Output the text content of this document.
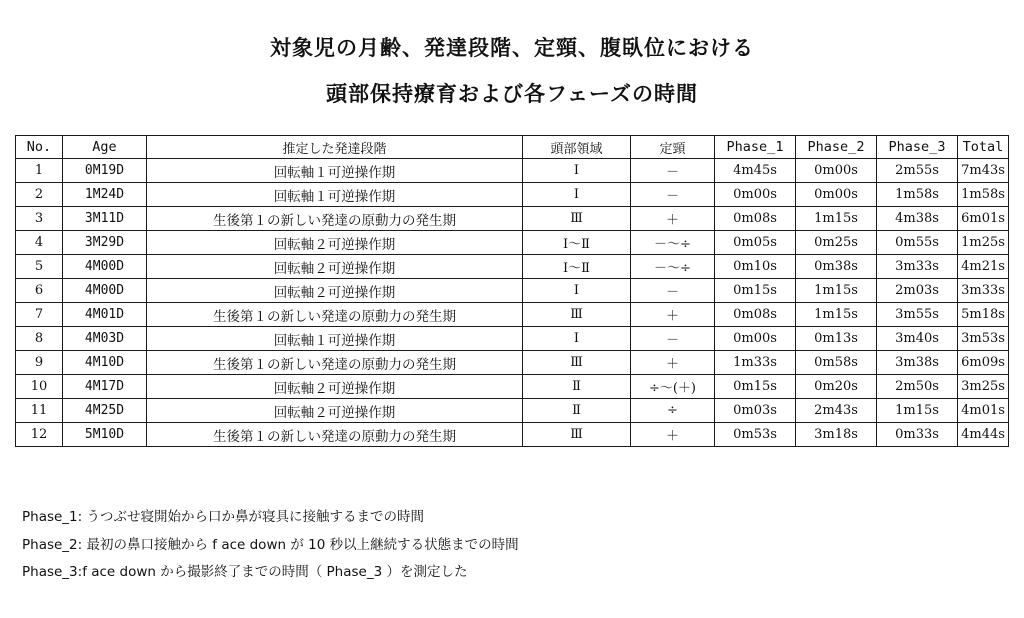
対象児の月齢、発達段階、定頸、腹臥位における
頭部保持療育および各フェーズの時間
No.	Age	推定した発達段階	頭部領域	定頸	Phase_1	Phase_2	Phase_3	Total
1	0M19D	回転軸１可逆操作期	Ⅰ	－	4m45s	0m00s	2m55s	7m43s
2	1M24D	回転軸１可逆操作期	Ⅰ	－	0m00s	0m00s	1m58s	1m58s
3	3M11D	生後第１の新しい発達の原動力の発生期	Ⅲ	＋	0m08s	1m15s	4m38s	6m01s
4	3M29D	回転軸２可逆操作期	Ⅰ～Ⅱ	－～÷	0m05s	0m25s	0m55s	1m25s
5	4M00D	回転軸２可逆操作期	Ⅰ～Ⅱ	－～÷	0m10s	0m38s	3m33s	4m21s
6	4M00D	回転軸２可逆操作期	Ⅰ	－	0m15s	1m15s	2m03s	3m33s
7	4M01D	生後第１の新しい発達の原動力の発生期	Ⅲ	＋	0m08s	1m15s	3m55s	5m18s
8	4M03D	回転軸１可逆操作期	Ⅰ	－	0m00s	0m13s	3m40s	3m53s
9	4M10D	生後第１の新しい発達の原動力の発生期	Ⅲ	＋	1m33s	0m58s	3m38s	6m09s
10	4M17D	回転軸２可逆操作期	Ⅱ	÷～(＋)	0m15s	0m20s	2m50s	3m25s
11	4M25D	回転軸２可逆操作期	Ⅱ	÷	0m03s	2m43s	1m15s	4m01s
12	5M10D	生後第１の新しい発達の原動力の発生期	Ⅲ	＋	0m53s	3m18s	0m33s	4m44s
Phase_1: うつぶせ寝開始から口か鼻が寝具に接触するまでの時間
Phase_2: 最初の鼻口接触から f ace down が 10 秒以上継続する状態までの時間
Phase_3:f ace down から撮影終了までの時間（ Phase_3 ）を測定した
